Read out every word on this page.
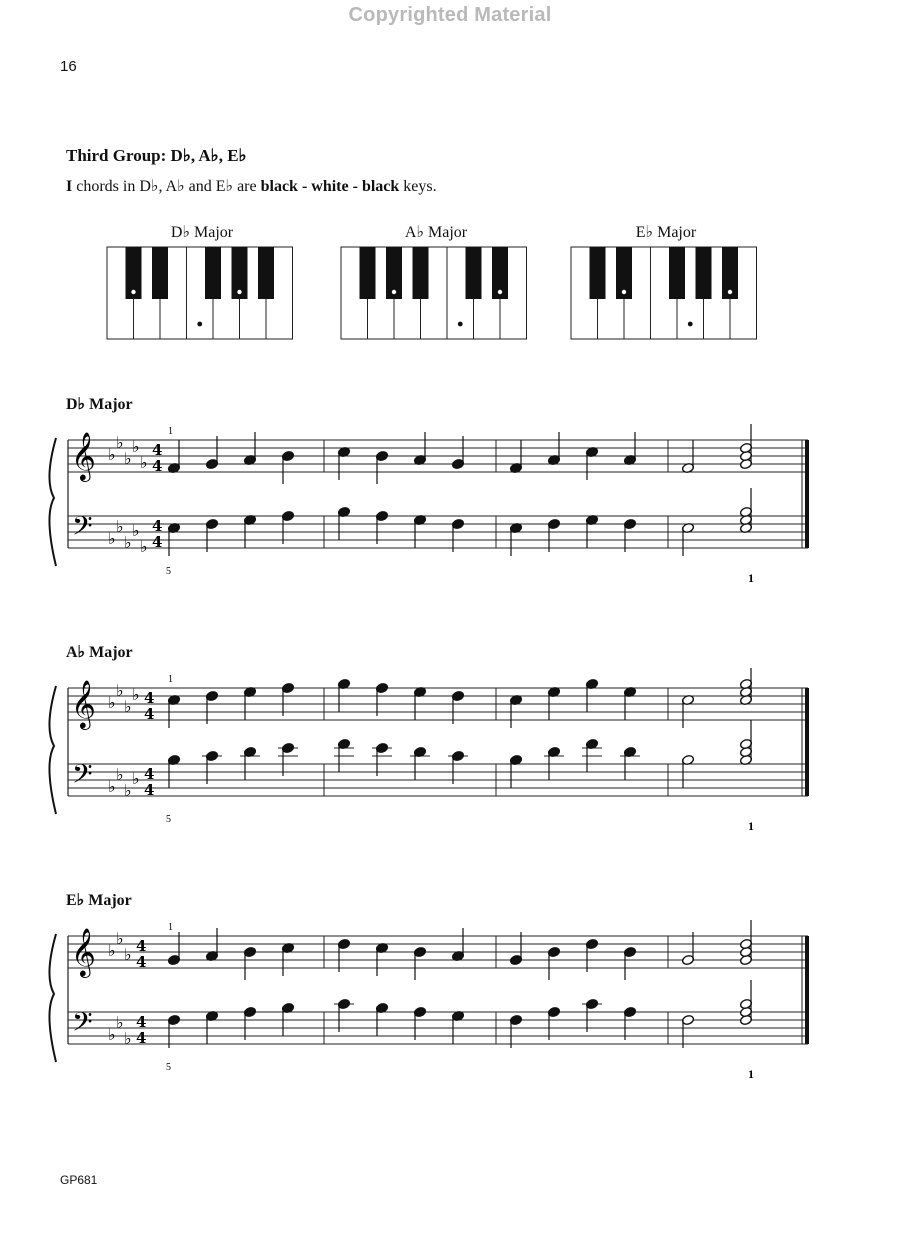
Copyrighted Material
16
Third Group: D♭, A♭, E♭
I chords in D♭, A♭ and E♭ are black - white - black keys.
D♭ Major	A♭ Major	E♭ Major
D♭ Major
A♭ Major
E♭ Major
𝄞
𝄢
♭
♭
♭
♭
♭
♭
♭
♭
♭
♭
4
4
4
4
1
5	1
𝄞
𝄢
♭
♭
♭
♭
♭
♭
♭
♭
4
4
4
4
1
5	1
𝄞
𝄢
♭
♭
♭
♭
♭
♭
4
4
4
4
1
5	1
GP681
